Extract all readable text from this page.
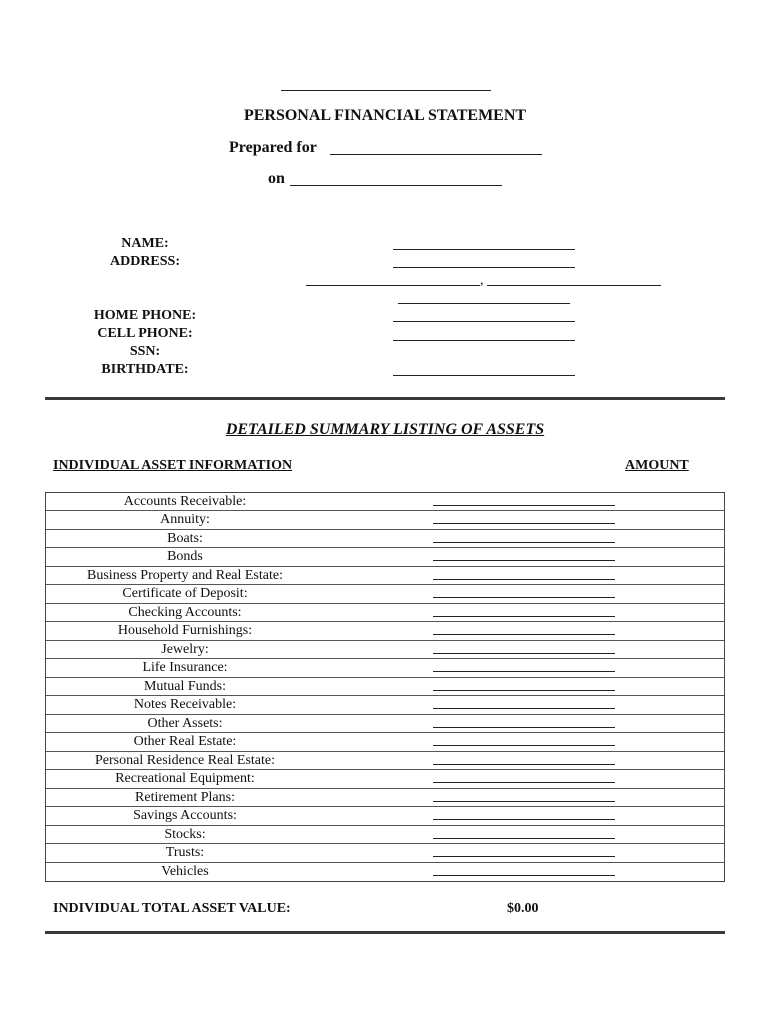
PERSONAL FINANCIAL STATEMENT
Prepared for
on
NAME:
ADDRESS:
,
HOME PHONE:
CELL PHONE:
SSN:
BIRTHDATE:
DETAILED SUMMARY LISTING OF ASSETS
INDIVIDUAL ASSET INFORMATION	AMOUNT
Accounts Receivable:
Annuity:
Boats:
Bonds
Business Property and Real Estate:
Certificate of Deposit:
Checking Accounts:
Household Furnishings:
Jewelry:
Life Insurance:
Mutual Funds:
Notes Receivable:
Other Assets:
Other Real Estate:
Personal Residence Real Estate:
Recreational Equipment:
Retirement Plans:
Savings Accounts:
Stocks:
Trusts:
Vehicles
INDIVIDUAL TOTAL ASSET VALUE:	$0.00
